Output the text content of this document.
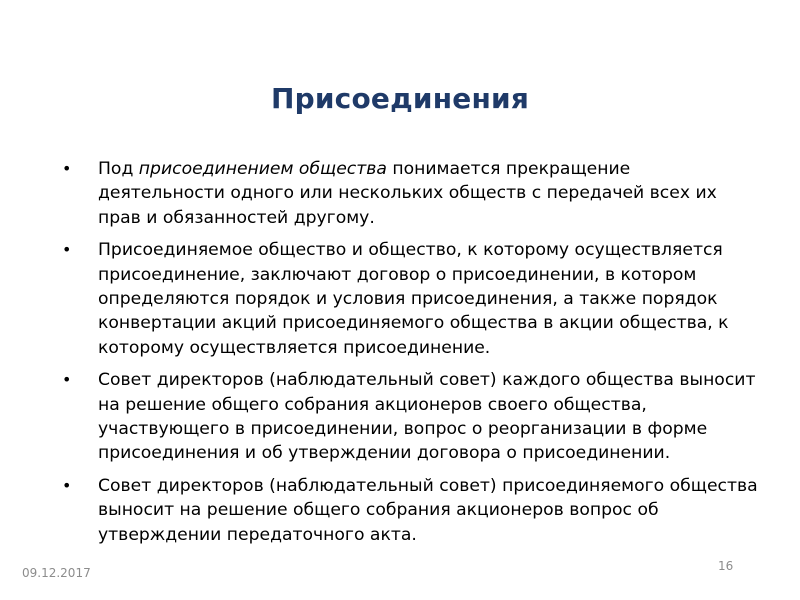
Присоединения
•	Под присоединением общества понимается прекращение деятельности одного или нескольких обществ с передачей всех их прав и обязанностей другому.
•	Присоединяемое общество и общество, к которому осуществляется присоединение, заключают договор о присоединении, в котором определяются порядок и условия присоединения, а также порядок конвертации акций присоединяемого общества в акции общества, к которому осуществляется присоединение.
•	Совет директоров (наблюдательный совет) каждого общества выносит на решение общего собрания акционеров своего общества, участвующего в присоединении, вопрос о реорганизации в форме присоединения и об утверждении договора о присоединении.
•	Совет директоров (наблюдательный совет) присоединяемого общества выносит на решение общего собрания акционеров вопрос об утверждении передаточного акта.
09.12.2017	16
